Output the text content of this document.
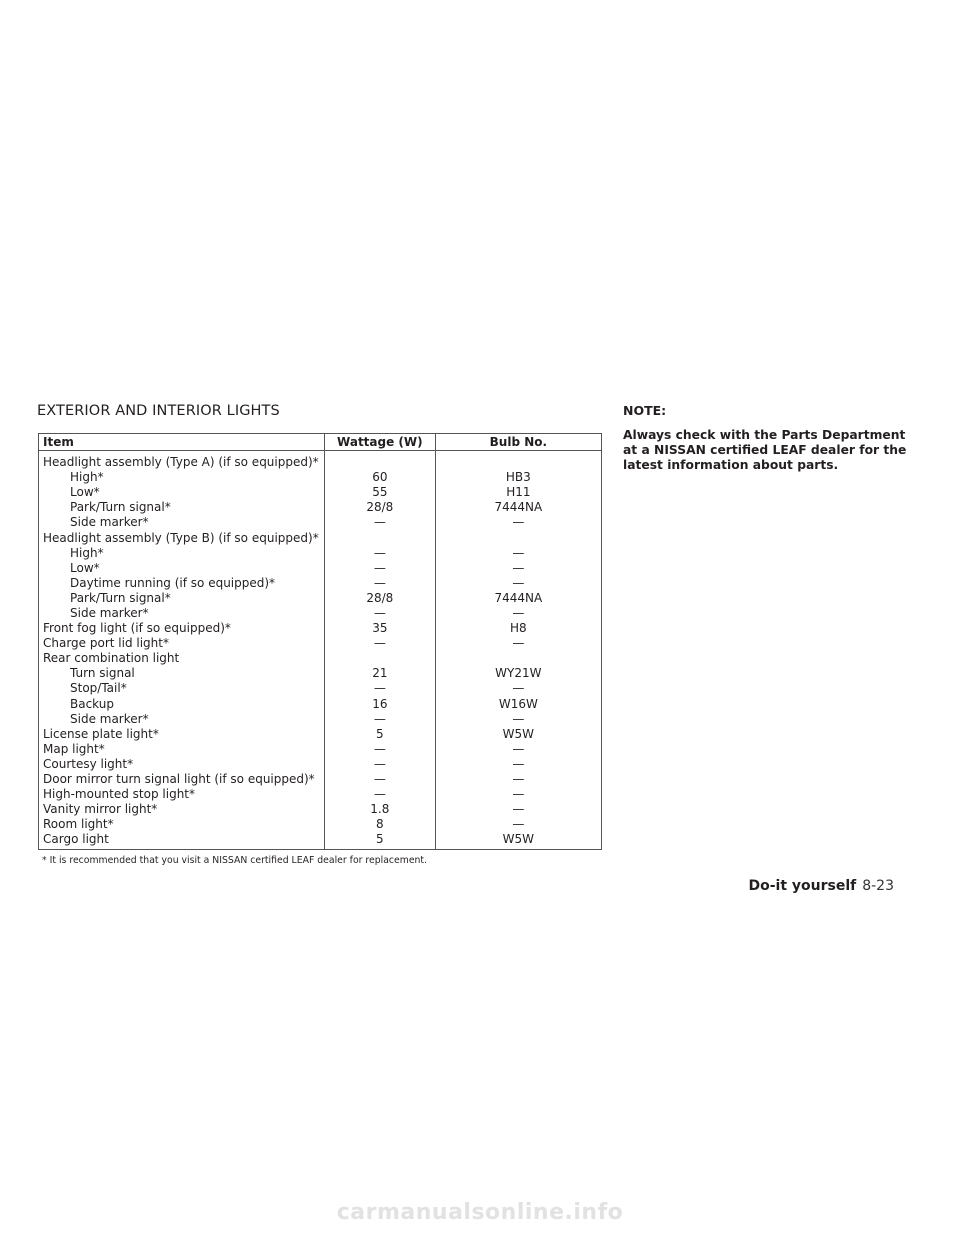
EXTERIOR AND INTERIOR LIGHTS
Item	Wattage (W)	Bulb No.
Headlight assembly (Type A) (if so equipped)*		
High*	60	HB3
Low*	55	H11
Park/Turn signal*	28/8	7444NA
Side marker*	—	—
Headlight assembly (Type B) (if so equipped)*		
High*	—	—
Low*	—	—
Daytime running (if so equipped)*	—	—
Park/Turn signal*	28/8	7444NA
Side marker*	—	—
Front fog light (if so equipped)*	35	H8
Charge port lid light*	—	—
Rear combination light		
Turn signal	21	WY21W
Stop/Tail*	—	—
Backup	16	W16W
Side marker*	—	—
License plate light*	5	W5W
Map light*	—	—
Courtesy light*	—	—
Door mirror turn signal light (if so equipped)*	—	—
High-mounted stop light*	—	—
Vanity mirror light*	1.8	—
Room light*	8	—
Cargo light	5	W5W
* It is recommended that you visit a NISSAN certified LEAF dealer for replacement.
NOTE:
Always check with the Parts Department at a NISSAN certified LEAF dealer for the latest information about parts.
Do-it yourself 8-23
carmanualsonline.info
